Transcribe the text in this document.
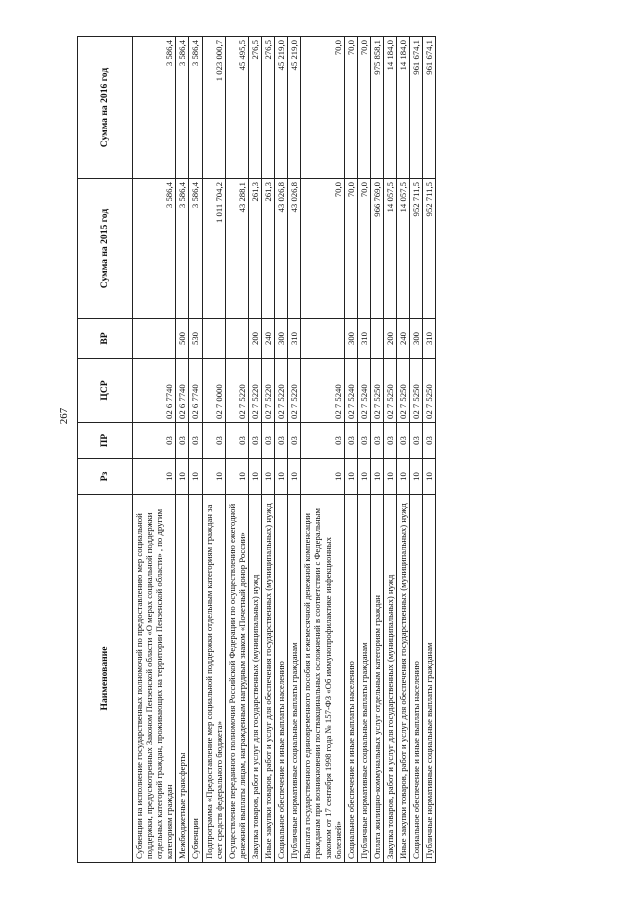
267
Наименование	Рз	ПР	ЦСР	ВР	Сумма на 2015 год	Сумма на 2016 год
Субвенции на исполнение государственных полномочий по предоставлению мер социальной поддержки, предусмотренных Законом Пензенской области «О мерах социальной поддержки отдельных категорий граждан, проживающих на территории Пензенской области» , по другим категориям граждан	10	03	02 6 7740		3 586,4	3 586,4
Межбюджетные трансферты	10	03	02 6 7740	500	3 586,4	3 586,4
Субвенции	10	03	02 6 7740	530	3 586,4	3 586,4
Подпрограмма «Предоставление мер социальной поддержки отдельным категориям граждан за счет средств федерального бюджета»	10	03	02 7 0000		1 011 704,2	1 023 000,7
Осуществление переданного полномочия Российской Федерации по осуществлению ежегодной денежной выплаты лицам, награжденным нагрудным знаком «Почетный донор России»	10	03	02 7 5220		43 288,1	45 495,5
Закупка товаров, работ и услуг для государственных (муниципальных) нужд	10	03	02 7 5220	200	261,3	276,5
Иные закупки товаров, работ и услуг для обеспечения государственных (муниципальных) нужд	10	03	02 7 5220	240	261,3	276,5
Социальное обеспечение и иные выплаты населению	10	03	02 7 5220	300	43 026,8	45 219,0
Публичные нормативные социальные выплаты гражданам	10	03	02 7 5220	310	43 026,8	45 219,0
Выплата государственного единовременного пособия и ежемесячной денежной компенсации гражданам при возникновении поствакцинальных осложнений в соответствии с Федеральным законом от 17 сентября 1998 года № 157-ФЗ «Об иммунопрофилактике инфекционных болезней»	10	03	02 7 5240		70,0	70,0
Социальное обеспечение и иные выплаты населению	10	03	02 7 5240	300	70,0	70,0
Публичные нормативные социальные выплаты гражданам	10	03	02 7 5240	310	70,0	70,0
Оплата жилищно-коммунальных услуг отдельным категориям граждан	10	03	02 7 5250		966 769,0	975 858,1
Закупка товаров, работ и услуг для государственных (муниципальных) нужд	10	03	02 7 5250	200	14 057,5	14 184,0
Иные закупки товаров, работ и услуг для обеспечения государственных (муниципальных) нужд	10	03	02 7 5250	240	14 057,5	14 184,0
Социальное обеспечение и иные выплаты населению	10	03	02 7 5250	300	952 711,5	961 674,1
Публичные нормативные социальные выплаты гражданам	10	03	02 7 5250	310	952 711,5	961 674,1
